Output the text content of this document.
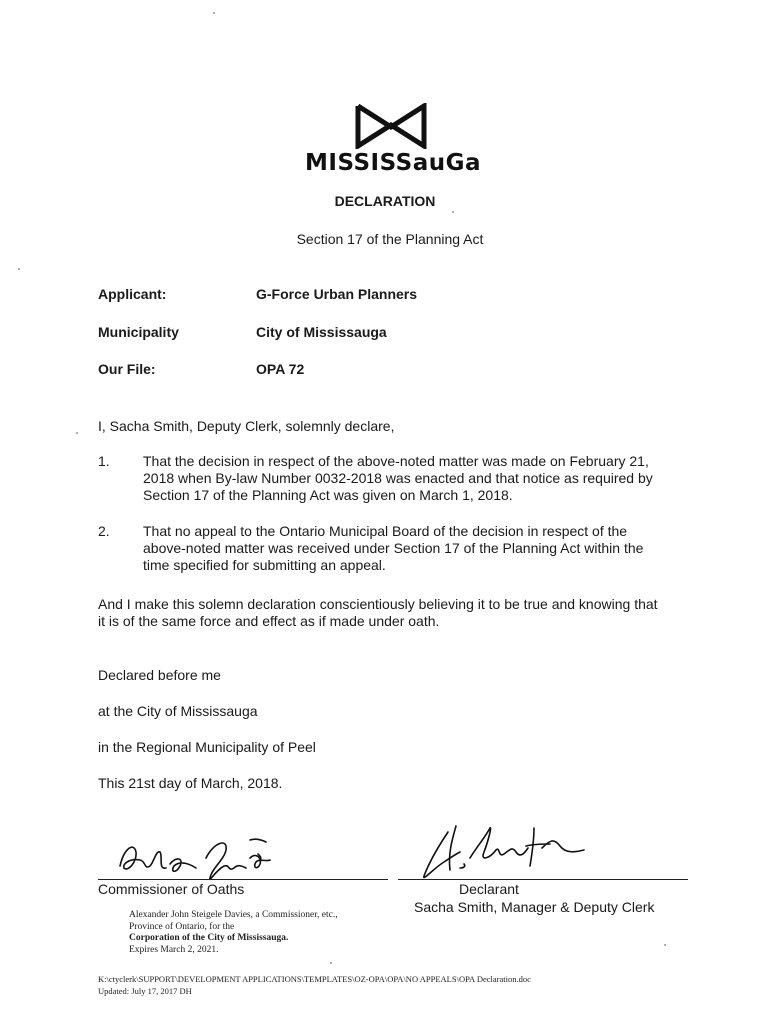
MISSISSauGa
DECLARATION
Section 17 of the Planning Act
Applicant:	G-Force Urban Planners
Municipality	City of Mississauga
Our File:	OPA 72
I, Sacha Smith, Deputy Clerk, solemnly declare,
1. That the decision in respect of the above-noted matter was made on February 21,
2018 when By-law Number 0032-2018 was enacted and that notice as required by
Section 17 of the Planning Act was given on March 1, 2018.
2. That no appeal to the Ontario Municipal Board of the decision in respect of the
above-noted matter was received under Section 17 of the Planning Act within the
time specified for submitting an appeal.
And I make this solemn declaration conscientiously believing it to be true and knowing that
it is of the same force and effect as if made under oath.
Declared before me
at the City of Mississauga
in the Regional Municipality of Peel
This 21st day of March, 2018.
Commissioner of Oaths	Declarant
Sacha Smith, Manager & Deputy Clerk
Alexander John Steigele Davies, a Commissioner, etc.,
Province of Ontario, for the
Corporation of the City of Mississauga.
Expires March 2, 2021.
K:\ctyclerk\SUPPORT\DEVELOPMENT APPLICATIONS\TEMPLATES\OZ-OPA\OPA\NO APPEALS\OPA Declaration.doc
Updated: July 17, 2017 DH
